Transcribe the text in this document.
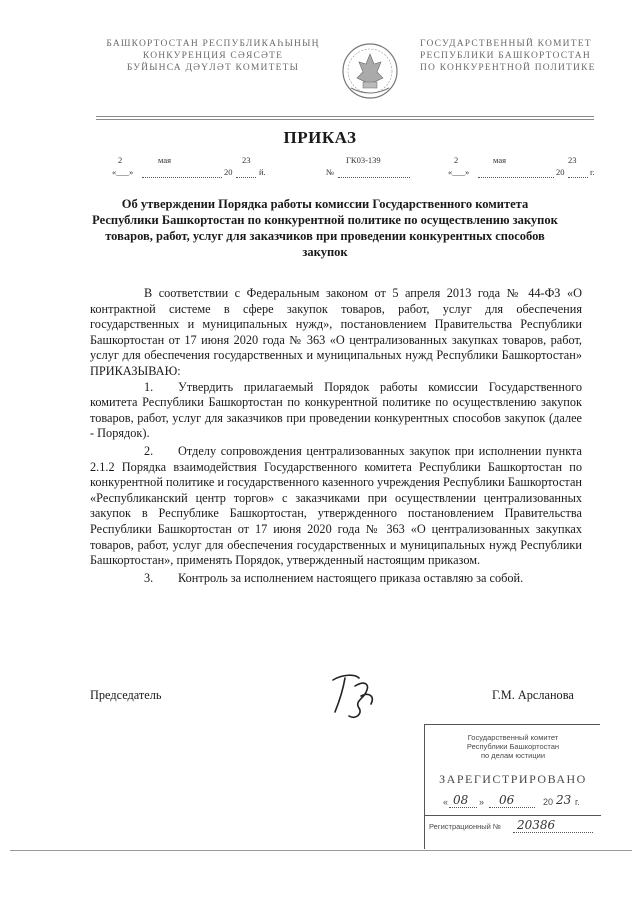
БАШКОРТОСТАН РЕСПУБЛИКАҺЫНЫҢ
КОНКУРЕНЦИЯ СӘЯСӘТЕ
БУЙЫНСА ДӘҮЛӘТ КОМИТЕТЫ
ГОСУДАРСТВЕННЫЙ КОМИТЕТ
РЕСПУБЛИКИ БАШКОРТОСТАН
ПО КОНКУРЕНТНОЙ ПОЛИТИКЕ
ПРИКАЗ
2	мая	23
«___»	20	й.
ГК03-139
№
2	мая	23
«___»	20	г.
Об утверждении Порядка работы комиссии Государственного комитета Республики Башкортостан по конкурентной политике по осуществлению закупок товаров, работ, услуг для заказчиков при проведении конкурентных способов закупок

В соответствии с Федеральным законом от 5 апреля 2013 года № 44-ФЗ «О контрактной системе в сфере закупок товаров, работ, услуг для обеспечения государственных и муниципальных нужд», постановлением Правительства Республики Башкортостан от 17 июня 2020 года № 363 «О централизованных закупках товаров, работ, услуг для обеспечения государственных и муниципальных нужд Республики Башкортостан» ПРИКАЗЫВАЮ:

1. Утвердить прилагаемый Порядок работы комиссии Государственного комитета Республики Башкортостан по конкурентной политике по осуществлению закупок товаров, работ, услуг для заказчиков при проведении конкурентных способов закупок (далее - Порядок).

2. Отделу сопровождения централизованных закупок при исполнении пункта 2.1.2 Порядка взаимодействия Государственного комитета Республики Башкортостан по конкурентной политике и государственного казенного учреждения Республики Башкортостан «Республиканский центр торгов» с заказчиками при осуществлении централизованных закупок в Республике Башкортостан, утвержденного постановлением Правительства Республики Башкортостан от 17 июня 2020 года № 363 «О централизованных закупках товаров, работ, услуг для обеспечения государственных и муниципальных нужд Республики Башкортостан», применять Порядок, утвержденный настоящим приказом.

3. Контроль за исполнением настоящего приказа оставляю за собой.

Председатель	Г.М. Арсланова
Государственный комитет
Республики Башкортостан
по делам юстиции
ЗАРЕГИСТРИРОВАНО
« 08 » 06	20 23 г.
Регистрационный № 20386
